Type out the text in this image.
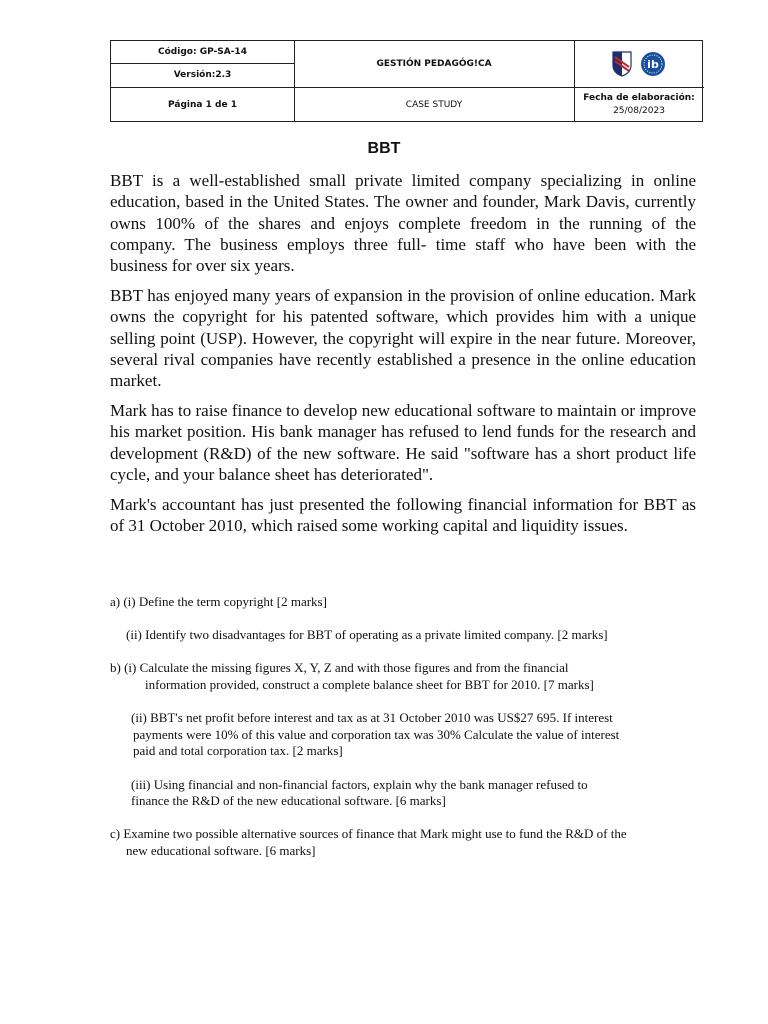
Código: GP-SA-14
Versión:2.3
GESTIÓN PEDAGÓG!CA	ib
Página 1 de 1	CASE STUDY
Fecha de elaboración:
25/08/2023
BBT

BBT is a well-established small private limited company specializing in online education, based in the United States. The owner and founder, Mark Davis, currently owns 100% of the shares and enjoys complete freedom in the running of the company. The business employs three full- time staff who have been with the business for over six years.

BBT has enjoyed many years of expansion in the provision of online education. Mark owns the copyright for his patented software, which provides him with a unique selling point (USP). However, the copyright will expire in the near future. Moreover, several rival companies have recently established a presence in the online education market.

Mark has to raise finance to develop new educational software to maintain or improve his market position. His bank manager has refused to lend funds for the research and development (R&D) of the new software. He said "software has a short product life cycle, and your balance sheet has deteriorated".

Mark's accountant has just presented the following financial information for BBT as of 31 October 2010, which raised some working capital and liquidity issues.

a) (i) Define the term copyright [2 marks]

(ii) Identify two disadvantages for BBT of operating as a private limited company. [2 marks]

b) (i) Calculate the missing figures X, Y, Z and with those figures and from the financial

information provided, construct a complete balance sheet for BBT for 2010. [7 marks]

(ii) BBT's net profit before interest and tax as at 31 October 2010 was US$27 695. If interest

payments were 10% of this value and corporation tax was 30% Calculate the value of interest

paid and total corporation tax. [2 marks]

(iii) Using financial and non-financial factors, explain why the bank manager refused to

finance the R&D of the new educational software. [6 marks]

c) Examine two possible alternative sources of finance that Mark might use to fund the R&D of the

new educational software. [6 marks]
